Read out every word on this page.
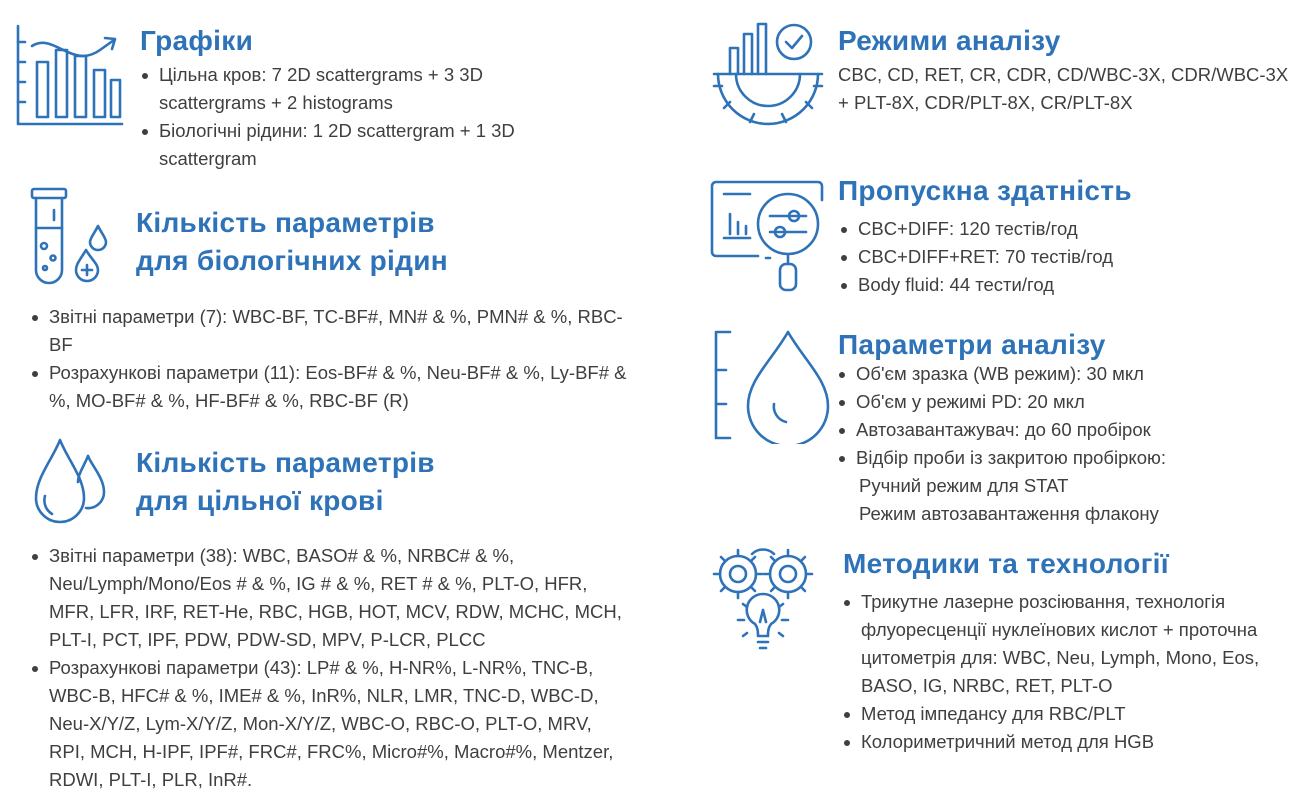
Графіки
Цільна кров: 7 2D scattergrams + 3 3D scattergrams + 2 histograms
Біологічні рідини: 1 2D scattergram + 1 3D scattergram
Кількість параметрів
для біологічних рідин
Звітні параметри (7): WBC-BF, TC-BF#, MN# & %, PMN# & %, RBC-BF
Розрахункові параметри (11): Eos-BF# & %, Neu-BF# & %, Ly-BF# & %, MO-BF# & %, HF-BF# & %, RBC-BF (R)
Кількість параметрів
для цільної крові
Звітні параметри (38): WBC, BASO# & %, NRBC# & %, Neu/Lymph/Mono/Eos # & %, IG # & %, RET # & %, PLT-O, HFR, MFR, LFR, IRF, RET-He, RBC, HGB, HOT, MCV, RDW, MCHC, MCH, PLT-I, PCT, IPF, PDW, PDW-SD, MPV, P-LCR, PLCC
Розрахункові параметри (43): LP# & %, H-NR%, L-NR%, TNC-B, WBC-B, HFC# & %, IME# & %, InR%, NLR, LMR, TNC-D, WBC-D, Neu-X/Y/Z, Lym-X/Y/Z, Mon-X/Y/Z, WBC-O, RBC-O, PLT-O, MRV, RPI, MCH, H-IPF, IPF#, FRC#, FRC%, Micro#%, Macro#%, Mentzer, RDWI, PLT-I, PLR, InR#.
Режими аналізу

CBC, CD, RET, CR, CDR, CD/WBC-3X, CDR/WBC-3X + PLT-8X, CDR/PLT-8X, CR/PLT-8X

Пропускна здатність
CBC+DIFF: 120 тестів/год
CBC+DIFF+RET: 70 тестів/год
Body fluid: 44 тести/год
Параметри аналізу
Об'єм зразка (WB режим): 30 мкл
Об'єм у режимі PD: 20 мкл
Автозавантажувач: до 60 пробірок
Відбір проби із закритою пробіркою:
Ручний режим для STAT
Режим автозавантаження флакону
Методики та технології
Трикутне лазерне розсіювання, технологія флуоресценції нуклеїнових кислот + проточна цитометрія для: WBC, Neu, Lymph, Mono, Eos, BASO, IG, NRBC, RET, PLT-O
Метод імпедансу для RBC/PLT
Колориметричний метод для HGB
